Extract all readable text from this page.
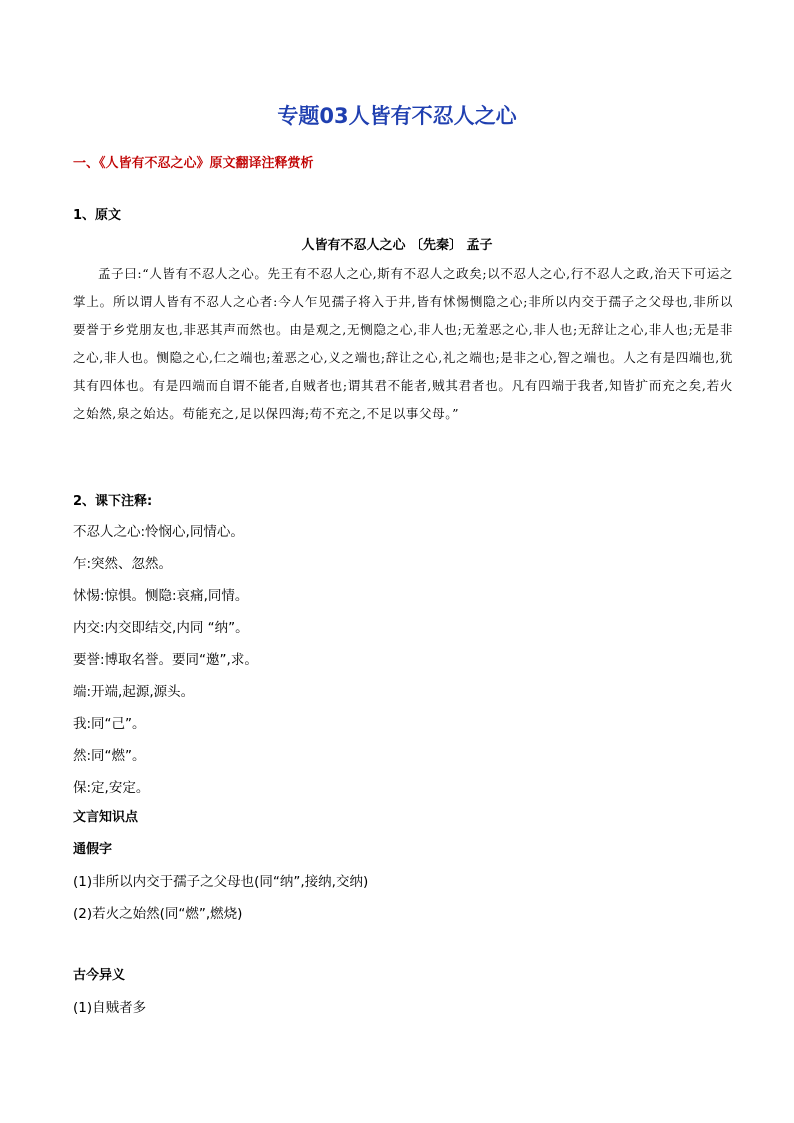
专题03人皆有不忍人之心
一、《人皆有不忍之心》原文翻译注释赏析
1、原文
人皆有不忍人之心 〔先秦〕 孟子
孟子曰:“人皆有不忍人之心。先王有不忍人之心,斯有不忍人之政矣;以不忍人之心,行不忍人之政,治天下可运之掌上。所以谓人皆有不忍人之心者:今人乍见孺子将入于井,皆有怵惕恻隐之心;非所以内交于孺子之父母也,非所以要誉于乡党朋友也,非恶其声而然也。由是观之,无恻隐之心,非人也;无羞恶之心,非人也;无辞让之心,非人也;无是非之心,非人也。恻隐之心,仁之端也;羞恶之心,义之端也;辞让之心,礼之端也;是非之心,智之端也。人之有是四端也,犹其有四体也。有是四端而自谓不能者,自贼者也;谓其君不能者,贼其君者也。凡有四端于我者,知皆扩而充之矣,若火之始然,泉之始达。苟能充之,足以保四海;苟不充之,不足以事父母。”
2、课下注释:
不忍人之心:怜悯心,同情心。
乍:突然、忽然。
怵惕:惊惧。恻隐:哀痛,同情。
内交:内交即结交,内同 “纳”。
要誉:博取名誉。要同“邀”,求。
端:开端,起源,源头。
我:同“己”。
然:同“燃”。
保:定,安定。
文言知识点
通假字
(1)非所以内交于孺子之父母也(同“纳”,接纳,交纳)
(2)若火之始然(同“燃”,燃烧)
古今异义
(1)自贼者多
